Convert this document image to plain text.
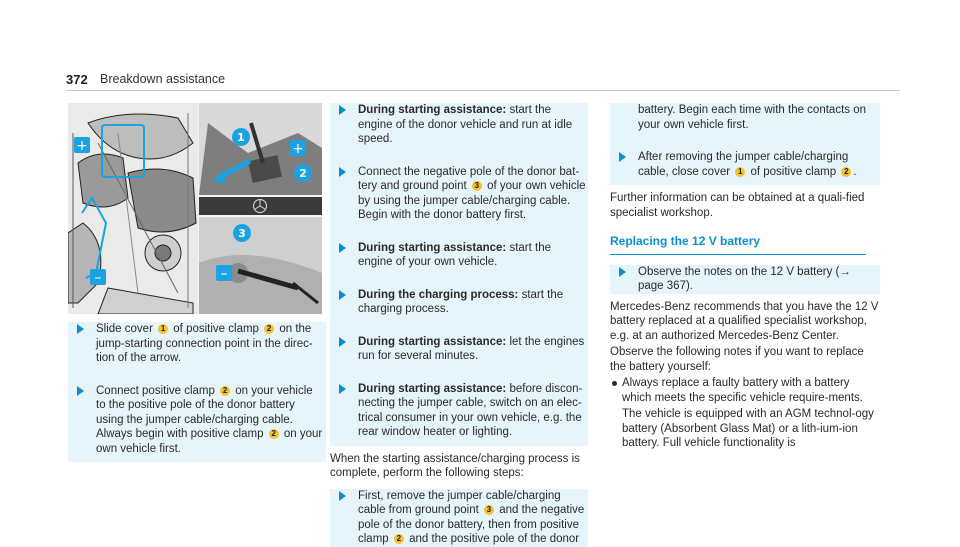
372 Breakdown assistance
+
–
1
+
2
3
–
Slide cover 1 of positive clamp 2 on the jump-starting connection point in the direc-tion of the arrow.
Connect positive clamp 2 on your vehicle to the positive pole of the donor battery using the jumper cable/charging cable. Always begin with positive clamp 2 on your own vehicle first.
During starting assistance: start the engine of the donor vehicle and run at idle speed.
Connect the negative pole of the donor bat-tery and ground point 3 of your own vehicle by using the jumper cable/charging cable. Begin with the donor battery first.
During starting assistance: start the engine of your own vehicle.
During the charging process: start the charging process.
During starting assistance: let the engines run for several minutes.
During starting assistance: before discon-necting the jumper cable, switch on an elec-trical consumer in your own vehicle, e.g. the rear window heater or lighting.

When the starting assistance/charging process is complete, perform the following steps:

First, remove the jumper cable/charging cable from ground point 3 and the negative pole of the donor battery, then from positive clamp 2 and the positive pole of the donor
battery. Begin each time with the contacts on your own vehicle first.
After removing the jumper cable/charging cable, close cover 1 of positive clamp 2 .

Further information can be obtained at a quali-fied specialist workshop.

Replacing the 12 V battery
Observe the notes on the 12 V battery (→ page 367).

Mercedes-Benz recommends that you have the 12 V battery replaced at a qualified specialist workshop, e.g. at an authorized Mercedes-Benz Center.

Observe the following notes if you want to replace the battery yourself:

Always replace a faulty battery with a battery which meets the specific vehicle require-ments.
The vehicle is equipped with an AGM technol-ogy battery (Absorbent Glass Mat) or a lith-ium-ion battery. Full vehicle functionality is
